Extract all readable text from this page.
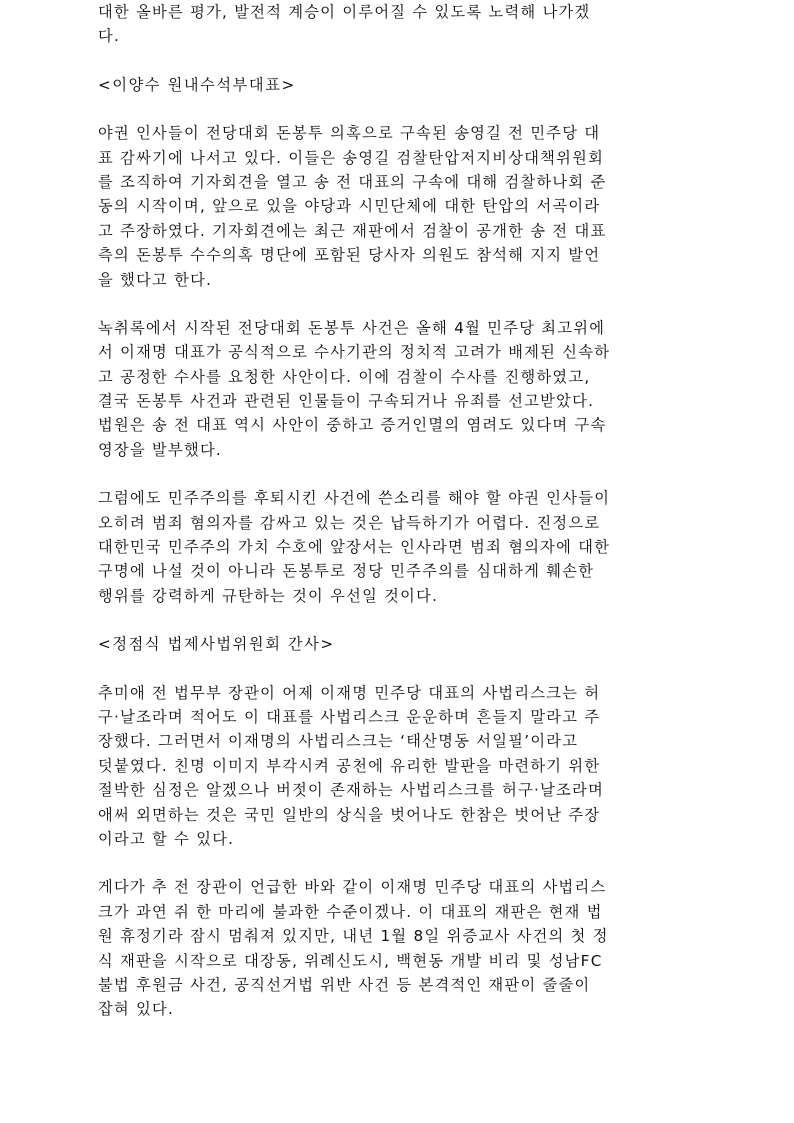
대한 올바른 평가, 발전적 계승이 이루어질 수 있도록 노력해 나가겠
다.
<이양수 원내수석부대표>
야권 인사들이 전당대회 돈봉투 의혹으로 구속된 송영길 전 민주당 대
표 감싸기에 나서고 있다. 이들은 송영길 검찰탄압저지비상대책위원회
를 조직하여 기자회견을 열고 송 전 대표의 구속에 대해 검찰하나회 준
동의 시작이며, 앞으로 있을 야당과 시민단체에 대한 탄압의 서곡이라
고 주장하였다. 기자회견에는 최근 재판에서 검찰이 공개한 송 전 대표
측의 돈봉투 수수의혹 명단에 포함된 당사자 의원도 참석해 지지 발언
을 했다고 한다.
녹취록에서 시작된 전당대회 돈봉투 사건은 올해 4월 민주당 최고위에
서 이재명 대표가 공식적으로 수사기관의 정치적 고려가 배제된 신속하
고 공정한 수사를 요청한 사안이다. 이에 검찰이 수사를 진행하였고,
결국 돈봉투 사건과 관련된 인물들이 구속되거나 유죄를 선고받았다.
법원은 송 전 대표 역시 사안이 중하고 증거인멸의 염려도 있다며 구속
영장을 발부했다.
그럼에도 민주주의를 후퇴시킨 사건에 쓴소리를 해야 할 야권 인사들이
오히려 범죄 혐의자를 감싸고 있는 것은 납득하기가 어렵다. 진정으로
대한민국 민주주의 가치 수호에 앞장서는 인사라면 범죄 혐의자에 대한
구명에 나설 것이 아니라 돈봉투로 정당 민주주의를 심대하게 훼손한
행위를 강력하게 규탄하는 것이 우선일 것이다.
<정점식 법제사법위원회 간사>
추미애 전 법무부 장관이 어제 이재명 민주당 대표의 사법리스크는 허
구·날조라며 적어도 이 대표를 사법리스크 운운하며 흔들지 말라고 주
장했다. 그러면서 이재명의 사법리스크는 ‘태산명동 서일필’이라고
덧붙였다. 친명 이미지 부각시켜 공천에 유리한 발판을 마련하기 위한
절박한 심정은 알겠으나 버젓이 존재하는 사법리스크를 허구·날조라며
애써 외면하는 것은 국민 일반의 상식을 벗어나도 한참은 벗어난 주장
이라고 할 수 있다.
게다가 추 전 장관이 언급한 바와 같이 이재명 민주당 대표의 사법리스
크가 과연 쥐 한 마리에 불과한 수준이겠나. 이 대표의 재판은 현재 법
원 휴정기라 잠시 멈춰져 있지만, 내년 1월 8일 위증교사 사건의 첫 정
식 재판을 시작으로 대장동, 위례신도시, 백현동 개발 비리 및 성남FC
불법 후원금 사건, 공직선거법 위반 사건 등 본격적인 재판이 줄줄이
잡혀 있다.
